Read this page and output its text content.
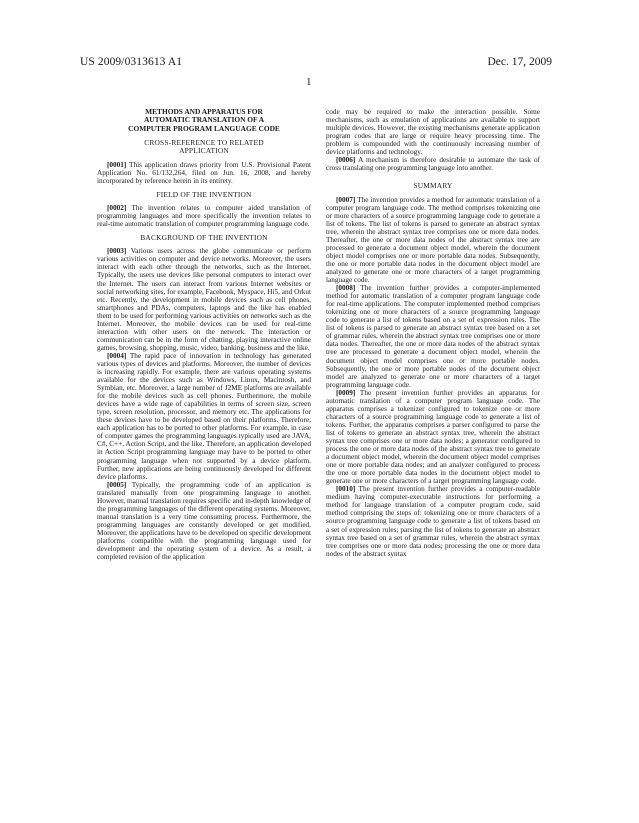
US 2009/0313613 A1	Dec. 17, 2009
1
METHODS AND APPARATUS FOR
AUTOMATIC TRANSLATION OF A
COMPUTER PROGRAM LANGUAGE CODE
CROSS-REFERENCE TO RELATED
APPLICATION

[0001] This application draws priority from U.S. Provisional Patent Application No. 61/132,264, filed on Jun. 16, 2008, and hereby incorporated by reference herein in its entirety.

FIELD OF THE INVENTION

[0002] The invention relates to computer aided translation of programming languages and more specifically the invention relates to real-time automatic translation of computer programming language code.

BACKGROUND OF THE INVENTION

[0003] Various users across the globe communicate or perform various activities on computer and device networks. Moreover, the users interact with each other through the networks, such as the Internet. Typically, the users use devices like personal computers to interact over the Internet. The users can interact from various Internet websites or social networking sites, for example, Facebook, Myspace, Hi5, and Orkut etc. Recently, the development in mobile devices such as cell phones, smartphones and PDAs, computers, laptops and the like has enabled them to be used for performing various activities on networks such as the Internet. Moreover, the mobile devices can be used for real-time interaction with other users on the network. The interaction or communication can be in the form of chatting, playing interactive online games, browsing, shopping, music, video, banking, business and the like.

[0004] The rapid pace of innovation in technology has generated various types of devices and platforms. Moreover, the number of devices is increasing rapidly. For example, there are various operating systems available for the devices such as Windows, Linux, Macintosh, and Symbian, etc. Moreover, a large number of J2ME platforms are available for the mobile devices such as cell phones. Furthermore, the mobile devices have a wide rage of capabilities in terms of screen size, screen type, screen resolution, processor, and memory etc. The applications for these devices have to be developed based on their platforms. Therefore, each application has to be ported to other platforms. For example, in case of computer games the programming languages typically used are JAVA, C#, C++, Action Script, and the like. Therefore, an application developed in Action Script programming language may have to be ported to other programming language when not supported by a device platform. Further, new applications are being continuously developed for different device platforms.

[0005] Typically, the programming code of an application is translated manually from one programming language to another. However, manual translation requires specific and in-depth knowledge of the programming languages of the different operating systems. Moreover, manual translation is a very time consuming process. Furthermore, the programming languages are constantly developed or get modified. Moreover, the applications have to be developed on specific development platforms compatible with the programming language used for development and the operating system of a device. As a result, a completed revision of the application

code may be required to make the interaction possible. Some mechanisms, such as emulation of applications are available to support multiple devices. However, the existing mechanisms generate application program codes that are large or require heavy processing time. The problem is compounded with the continuously increasing number of device platforms and technology.

[0006] A mechanism is therefore desirable to automate the task of cross translating one programming language into another.

SUMMARY

[0007] The invention provides a method for automatic translation of a computer program language code. The method comprises tokenizing one or more characters of a source programming language code to generate a list of tokens. The list of tokens is parsed to generate an abstract syntax tree, wherein the abstract syntax tree comprises one or more data nodes. Thereafter, the one or more data nodes of the abstract syntax tree are processed to generate a document object model, wherein the document object model comprises one or more portable data nodes. Subsequently, the one or more portable data nodes in the document object model are analyzed to generate one or more characters of a target programming language code.

[0008] The invention further provides a computer-implemented method for automatic translation of a computer program language code for real-time applications. The computer implemented method comprises tokenizing one or more characters of a source programming language code to generate a list of tokens based on a set of expression rules. The list of tokens is parsed to generate an abstract syntax tree based on a set of grammar rules, wherein the abstract syntax tree comprises one or more data nodes. Thereafter, the one or more data nodes of the abstract syntax tree are processed to generate a document object model, wherein the document object model comprises one or more portable nodes. Subsequently, the one or more portable nodes of the document object model are analyzed to generate one or more characters of a target programming language code.

[0009] The present invention further provides an apparatus for automatic translation of a computer program language code. The apparatus comprises a tokenizer configured to tokenize one or more characters of a source programming language code to generate a list of tokens. Further, the apparatus comprises a parser configured to parse the list of tokens to generate an abstract syntax tree, wherein the abstract syntax tree comprises one or more data nodes; a generator configured to process the one or more data nodes of the abstract syntax tree to generate a document object model, wherein the document object model comprises one or more portable data nodes; and an analyzer configured to process the one or more portable data nodes in the document object model to generate one or more characters of a target programming language code.

[0010] The present invention further provides a computer-readable medium having computer-executable instructions for performing a method for language translation of a computer program code, said method comprising the steps of: tokenizing one or more characters of a source programming language code to generate a list of tokens based on a set of expression rules; parsing the list of tokens to generate an abstract syntax tree based on a set of grammar rules, wherein the abstract syntax tree comprises one or more data nodes; processing the one or more data nodes of the abstract syntax
